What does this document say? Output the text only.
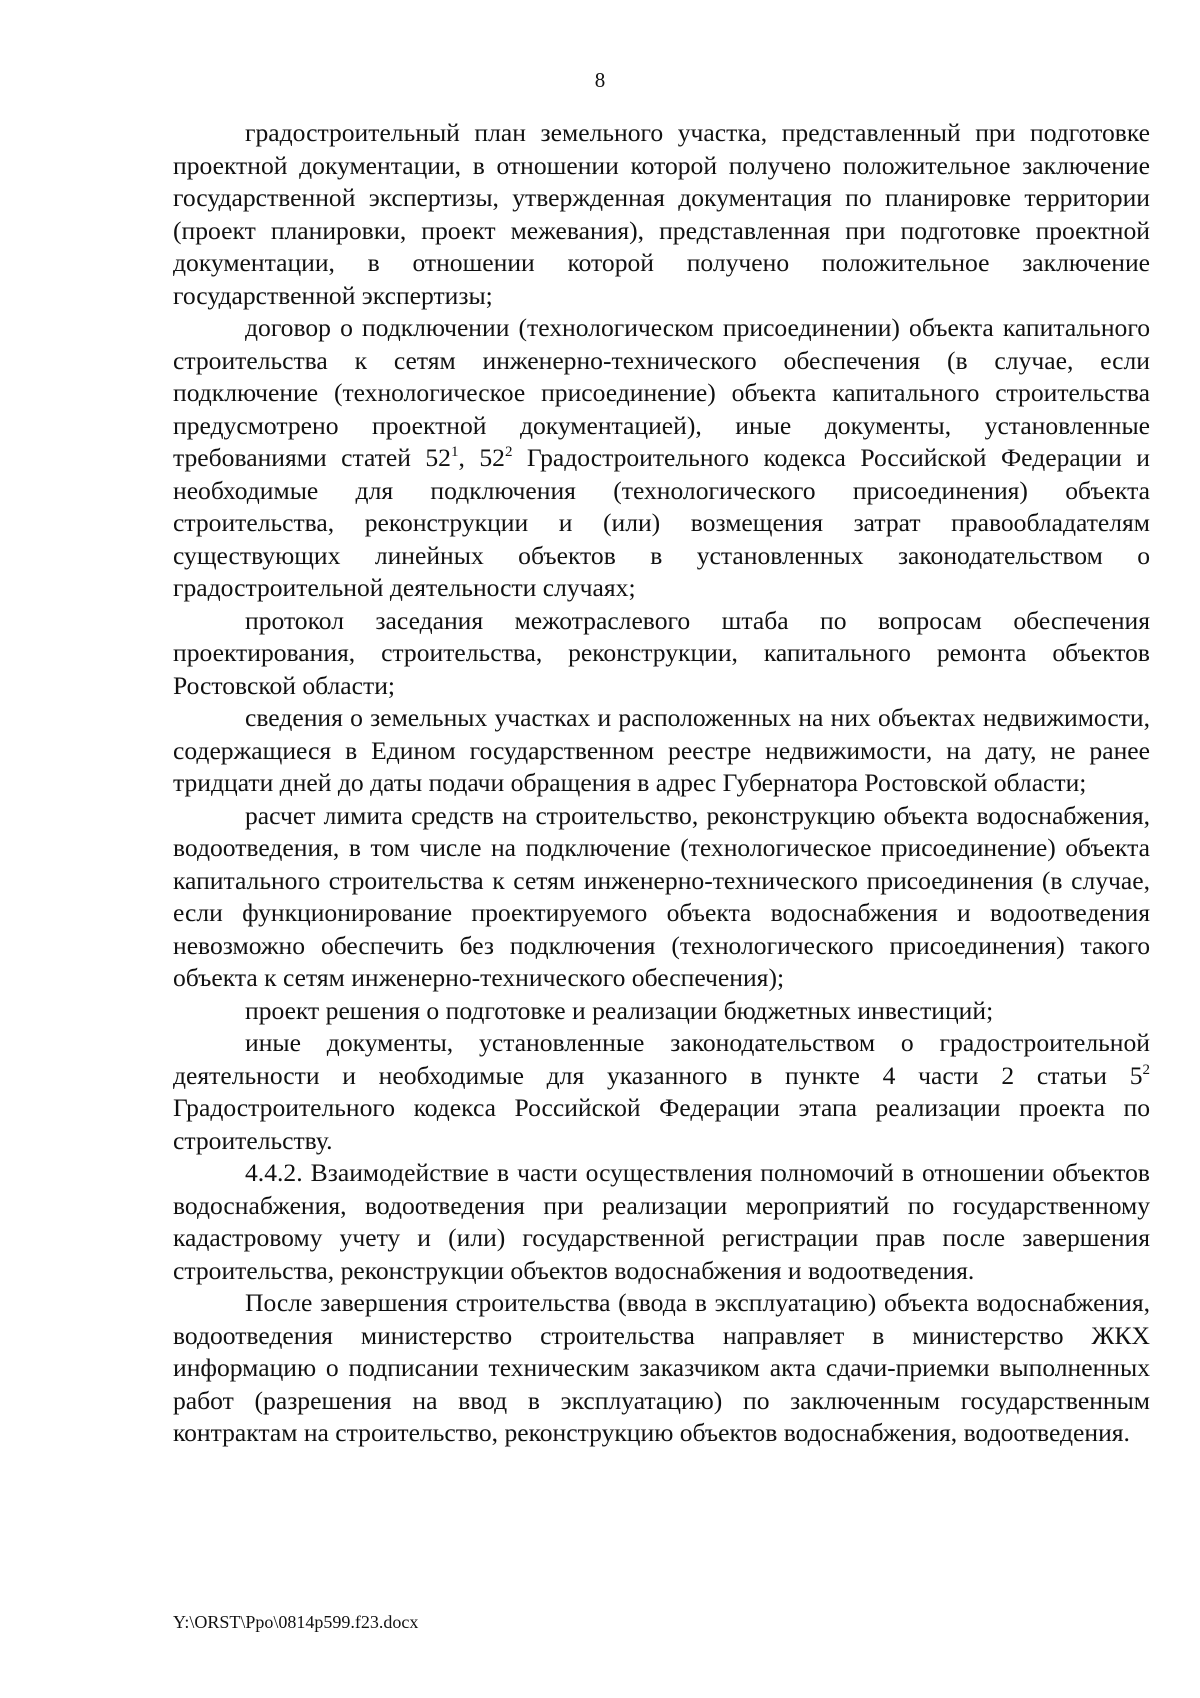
8

градостроительный план земельного участка, представленный при подготовке проектной документации, в отношении которой получено положительное заключение государственной экспертизы, утвержденная документация по планировке территории (проект планировки, проект межевания), представленная при подготовке проектной документации, в отношении которой получено положительное заключение государственной экспертизы;

договор о подключении (технологическом присоединении) объекта капитального строительства к сетям инженерно-технического обеспечения (в случае, если подключение (технологическое присоединение) объекта капитального строительства предусмотрено проектной документацией), иные документы, установленные требованиями статей $52^1$, $52^2$ Градостроительного кодекса Российской Федерации и необходимые для подключения (технологического присоединения) объекта строительства, реконструкции и (или) возмещения затрат правообладателям существующих линейных объектов в установленных законодательством о градостроительной деятельности случаях;

протокол заседания межотраслевого штаба по вопросам обеспечения проектирования, строительства, реконструкции, капитального ремонта объектов Ростовской области;

сведения о земельных участках и расположенных на них объектах недвижимости, содержащиеся в Едином государственном реестре недвижимости, на дату, не ранее тридцати дней до даты подачи обращения в адрес Губернатора Ростовской области;

расчет лимита средств на строительство, реконструкцию объекта водоснабжения, водоотведения, в том числе на подключение (технологическое присоединение) объекта капитального строительства к сетям инженерно-технического присоединения (в случае, если функционирование проектируемого объекта водоснабжения и водоотведения невозможно обеспечить без подключения (технологического присоединения) такого объекта к сетям инженерно-технического обеспечения);

проект решения о подготовке и реализации бюджетных инвестиций;

иные документы, установленные законодательством о градостроительной деятельности и необходимые для указанного в пункте 4 части 2 статьи $5^2$ Градостроительного кодекса Российской Федерации этапа реализации проекта по строительству.

4.4.2. Взаимодействие в части осуществления полномочий в отношении объектов водоснабжения, водоотведения при реализации мероприятий по государственному кадастровому учету и (или) государственной регистрации прав после завершения строительства, реконструкции объектов водоснабжения и водоотведения.

После завершения строительства (ввода в эксплуатацию) объекта водоснабжения, водоотведения министерство строительства направляет в министерство ЖКХ информацию о подписании техническим заказчиком акта сдачи-приемки выполненных работ (разрешения на ввод в эксплуатацию) по заключенным государственным контрактам на строительство, реконструкцию объектов водоснабжения, водоотведения.

Y:\ORST\Ppo\0814p599.f23.docx
